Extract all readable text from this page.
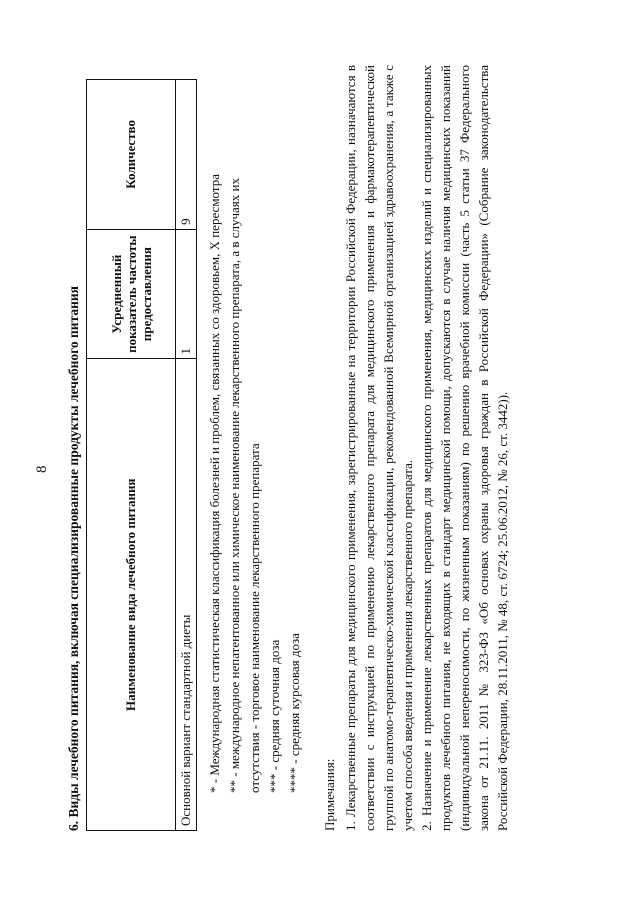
8 6. Виды лечебного питания, включая специализированные продукты лечебного питания	Наименование вида лечебного питания	Усредненный показатель частоты предоставления	Количество
Основной вариант стандартной диеты	1	9 * - Международная статистическая классификация болезней и проблем, связанных со здоровьем, X пересмотра ** - международное непатентованное или химическое наименование лекарственного препарата, а в случаях их отсутствия - торговое наименование лекарственного препарата *** - средняя суточная доза **** - средняя курсовая доза

Примечания: 1. Лекарственные препараты для медицинского применения, зарегистрированные на территории Российской Федерации, назначаются в соответствии с инструкцией по применению лекарственного препарата для медицинского применения и фармакотерапевтической группой по анатомо-терапевтическо-химической классификации, рекомендованной Всемирной организацией здравоохранения, а также с учетом способа введения и применения лекарственного препарата. 2. Назначение и применение лекарственных препаратов для медицинского применения, медицинских изделий и специализированных продуктов лечебного питания, не входящих в стандарт медицинской помощи, допускаются в случае наличия медицинских показаний (индивидуальной непереносимости, по жизненным показаниям) по решению врачебной комиссии (часть 5 статьи 37 Федерального закона от 21.11. 2011 № 323-ФЗ «Об основах охраны здоровья граждан в Российской Федерации» (Собрание законодательства Российской Федерации, 28.11.2011, № 48, ст. 6724; 25.06.2012, № 26, ст. 3442)).
